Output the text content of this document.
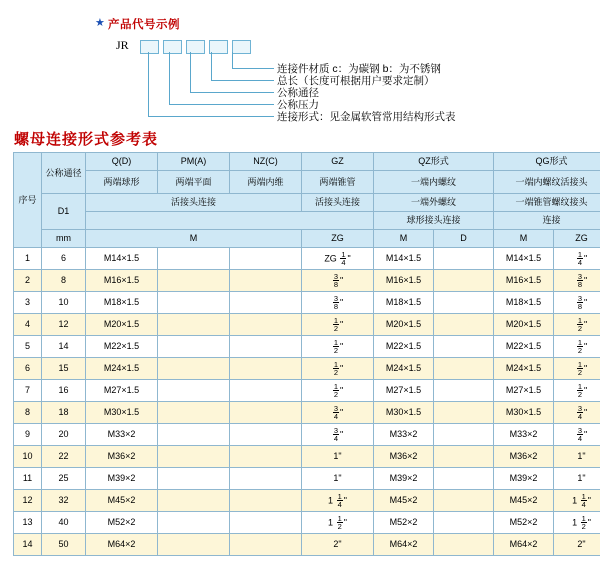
★ 产品代号示例
JR
连接件材质 c：为碳钢 b：为不锈钢
总长（长度可根据用户要求定制）
公称通径
公称压力
连接形式：见金属软管常用结构形式表
螺母连接形式参考表
序号	公称通径	Q(D)	PM(A)	NZ(C)	GZ	QZ形式		QG形式	
		两端球形	两端平面	两端内维	两端锥管	一端内螺纹		一端内螺纹活接头	
	D1	活接头连接			活接头连接	一端外螺纹		一端锥管螺纹接头	
						球形接头连接		连接	
	mm	M			ZG	M	D	M	ZG
1	6	M14×1.5			ZG $\frac{1}{4}$ "	M14×1.5		M14×1.5	$\frac{1}{4}$ "
2	8	M16×1.5			$\frac{3}{8}$ "	M16×1.5		M16×1.5	$\frac{3}{8}$ "
3	10	M18×1.5			$\frac{3}{8}$ "	M18×1.5		M18×1.5	$\frac{3}{8}$ "
4	12	M20×1.5			$\frac{1}{2}$ "	M20×1.5		M20×1.5	$\frac{1}{2}$ "
5	14	M22×1.5			$\frac{1}{2}$ "	M22×1.5		M22×1.5	$\frac{1}{2}$ "
6	15	M24×1.5			$\frac{1}{2}$ "	M24×1.5		M24×1.5	$\frac{1}{2}$ "
7	16	M27×1.5			$\frac{1}{2}$ "	M27×1.5		M27×1.5	$\frac{1}{2}$ "
8	18	M30×1.5			$\frac{3}{4}$ "	M30×1.5		M30×1.5	$\frac{3}{4}$ "
9	20	M33×2			$\frac{3}{4}$ "	M33×2		M33×2	$\frac{3}{4}$ "
10	22	M36×2			1"	M36×2		M36×2	1"
11	25	M39×2			1"	M39×2		M39×2	1"
12	32	M45×2			$1 \frac{1}{4}$ "	M45×2		M45×2	$1 \frac{1}{4}$ "
13	40	M52×2			$1 \frac{1}{2}$ "	M52×2		M52×2	$1 \frac{1}{2}$ "
14	50	M64×2			2"	M64×2		M64×2	2"
